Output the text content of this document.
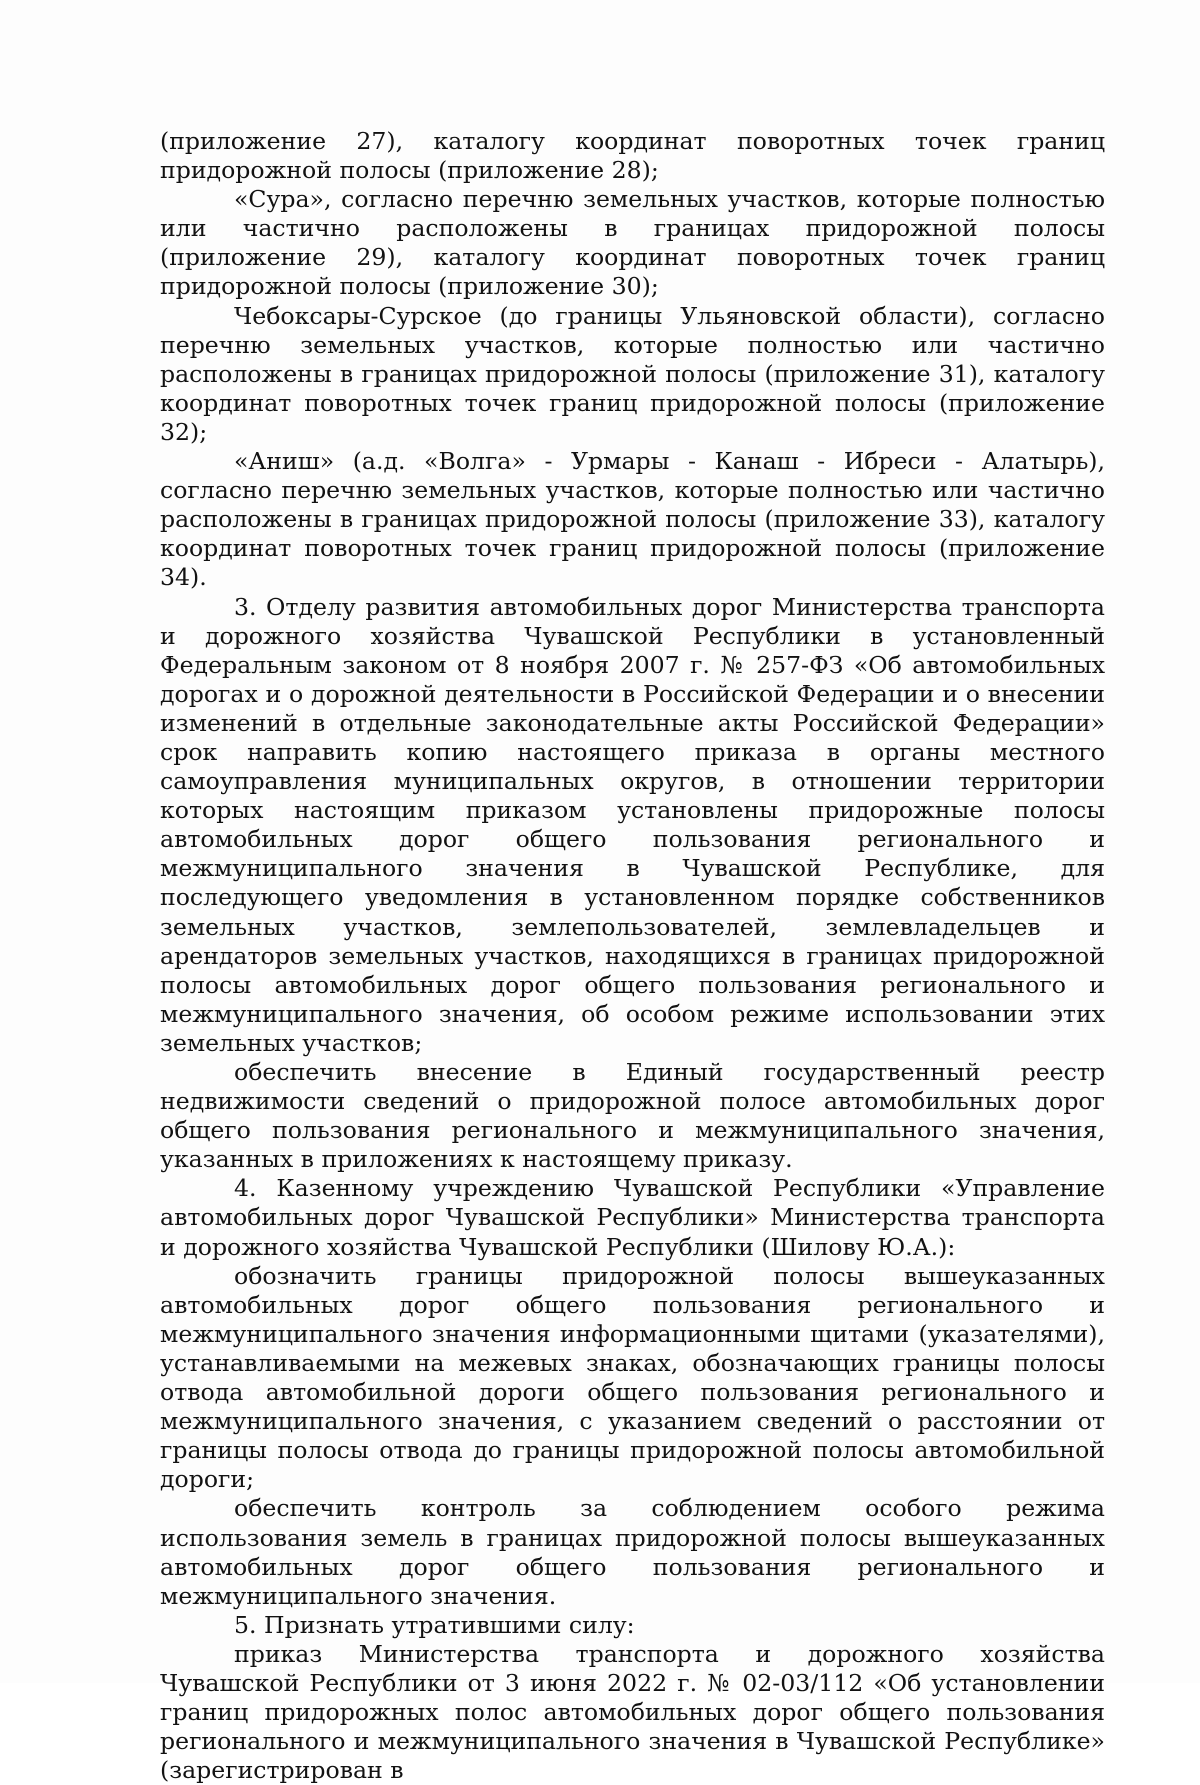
(приложение 27), каталогу координат поворотных точек границ придорожной полосы (приложение 28);

«Сура», согласно перечню земельных участков, которые полностью или частично расположены в границах придорожной полосы (приложение 29), каталогу координат поворотных точек границ придорожной полосы (приложение 30);

Чебоксары-Сурское (до границы Ульяновской области), согласно перечню земельных участков, которые полностью или частично расположены в границах придорожной полосы (приложение 31), каталогу координат поворотных точек границ придорожной полосы (приложение 32);

«Аниш» (а.д. «Волга» - Урмары - Канаш - Ибреси - Алатырь), согласно перечню земельных участков, которые полностью или частично расположены в границах придорожной полосы (приложение 33), каталогу координат поворотных точек границ придорожной полосы (приложение 34).

3. Отделу развития автомобильных дорог Министерства транспорта и дорожного хозяйства Чувашской Республики в установленный Федеральным законом от 8 ноября 2007 г. № 257-ФЗ «Об автомобильных дорогах и о дорожной деятельности в Российской Федерации и о внесении изменений в отдельные законодательные акты Российской Федерации» срок направить копию настоящего приказа в органы местного самоуправления муниципальных округов, в отношении территории которых настоящим приказом установлены придорожные полосы автомобильных дорог общего пользования регионального и межмуниципального значения в Чувашской Республике, для последующего уведомления в установленном порядке собственников земельных участков, землепользователей, землевладельцев и арендаторов земельных участков, находящихся в границах придорожной полосы автомобильных дорог общего пользования регионального и межмуниципального значения, об особом режиме использовании этих земельных участков;

обеспечить внесение в Единый государственный реестр недвижимости сведений о придорожной полосе автомобильных дорог общего пользования регионального и межмуниципального значения, указанных в приложениях к настоящему приказу.

4. Казенному учреждению Чувашской Республики «Управление автомобильных дорог Чувашской Республики» Министерства транспорта и дорожного хозяйства Чувашской Республики (Шилову Ю.А.):

обозначить границы придорожной полосы вышеуказанных автомобильных дорог общего пользования регионального и межмуниципального значения информационными щитами (указателями), устанавливаемыми на межевых знаках, обозначающих границы полосы отвода автомобильной дороги общего пользования регионального и межмуниципального значения, с указанием сведений о расстоянии от границы полосы отвода до границы придорожной полосы автомобильной дороги;

обеспечить контроль за соблюдением особого режима использования земель в границах придорожной полосы вышеуказанных автомобильных дорог общего пользования регионального и межмуниципального значения.

5. Признать утратившими силу:

приказ Министерства транспорта и дорожного хозяйства Чувашской Республики от 3 июня 2022 г. № 02-03/112 «Об установлении границ придорожных полос автомобильных дорог общего пользования регионального и межмуниципального значения в Чувашской Республике» (зарегистрирован в
